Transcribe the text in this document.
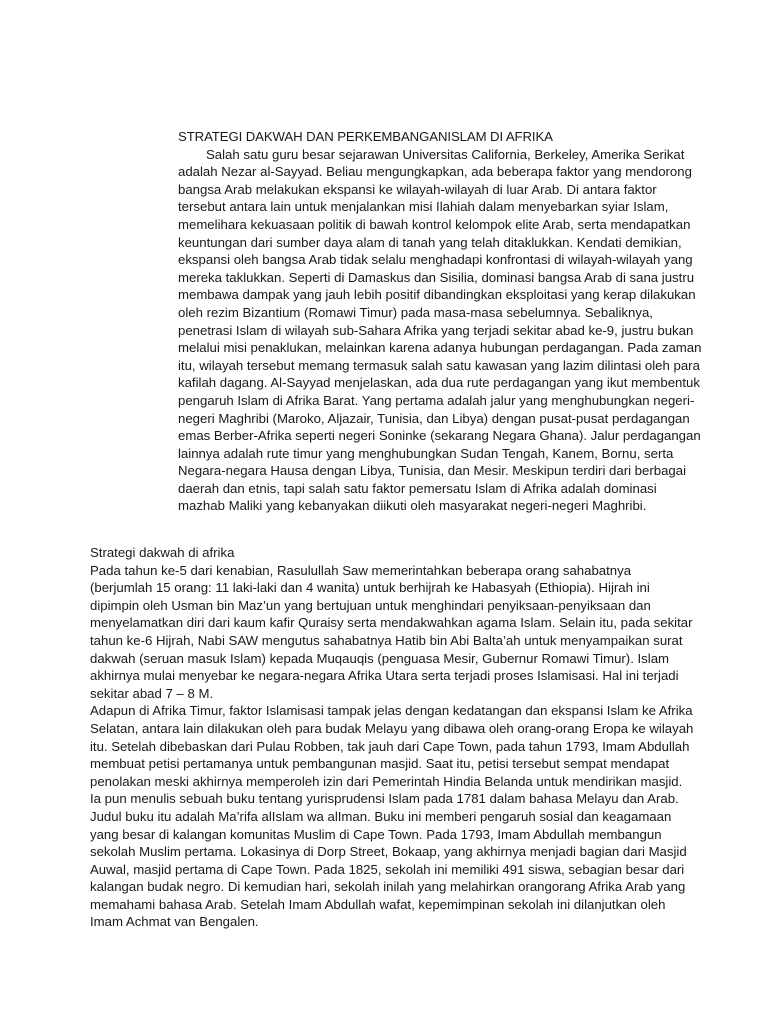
STRATEGI DAKWAH DAN PERKEMBANGANISLAM DI AFRIKA

Salah satu guru besar sejarawan Universitas California, Berkeley, Amerika Serikat adalah Nezar al-Sayyad. Beliau mengungkapkan, ada beberapa faktor yang mendorong bangsa Arab melakukan ekspansi ke wilayah-wilayah di luar Arab. Di antara faktor tersebut antara lain untuk menjalankan misi Ilahiah dalam menyebarkan syiar Islam, memelihara kekuasaan politik di bawah kontrol kelompok elite Arab, serta mendapatkan keuntungan dari sumber daya alam di tanah yang telah ditaklukkan. Kendati demikian, ekspansi oleh bangsa Arab tidak selalu menghadapi konfrontasi di wilayah-wilayah yang mereka taklukkan. Seperti di Damaskus dan Sisilia, dominasi bangsa Arab di sana justru membawa dampak yang jauh lebih positif dibandingkan eksploitasi yang kerap dilakukan oleh rezim Bizantium (Romawi Timur) pada masa-masa sebelumnya. Sebaliknya, penetrasi Islam di wilayah sub-Sahara Afrika yang terjadi sekitar abad ke-9, justru bukan melalui misi penaklukan, melainkan karena adanya hubungan perdagangan. Pada zaman itu, wilayah tersebut memang termasuk salah satu kawasan yang lazim dilintasi oleh para kafilah dagang. Al-Sayyad menjelaskan, ada dua rute perdagangan yang ikut membentuk pengaruh Islam di Afrika Barat. Yang pertama adalah jalur yang menghubungkan negeri-negeri Maghribi (Maroko, Aljazair, Tunisia, dan Libya) dengan pusat-pusat perdagangan emas Berber-Afrika seperti negeri Soninke (sekarang Negara Ghana). Jalur perdagangan lainnya adalah rute timur yang menghubungkan Sudan Tengah, Kanem, Bornu, serta Negara-negara Hausa dengan Libya, Tunisia, dan Mesir. Meskipun terdiri dari berbagai daerah dan etnis, tapi salah satu faktor pemersatu Islam di Afrika adalah dominasi mazhab Maliki yang kebanyakan diikuti oleh masyarakat negeri-negeri Maghribi.

Strategi dakwah di afrika

Pada tahun ke-5 dari kenabian, Rasulullah Saw memerintahkan beberapa orang sahabatnya (berjumlah 15 orang: 11 laki-laki dan 4 wanita) untuk berhijrah ke Habasyah (Ethiopia). Hijrah ini dipimpin oleh Usman bin Maz’un yang bertujuan untuk menghindari penyiksaan-penyiksaan dan menyelamatkan diri dari kaum kafir Quraisy serta mendakwahkan agama Islam. Selain itu, pada sekitar tahun ke-6 Hijrah, Nabi SAW mengutus sahabatnya Hatib bin Abi Balta’ah untuk menyampaikan surat dakwah (seruan masuk Islam) kepada Muqauqis (penguasa Mesir, Gubernur Romawi Timur). Islam akhirnya mulai menyebar ke negara-negara Afrika Utara serta terjadi proses Islamisasi. Hal ini terjadi sekitar abad 7 – 8 M.

Adapun di Afrika Timur, faktor Islamisasi tampak jelas dengan kedatangan dan ekspansi Islam ke Afrika Selatan, antara lain dilakukan oleh para budak Melayu yang dibawa oleh orang-orang Eropa ke wilayah itu. Setelah dibebaskan dari Pulau Robben, tak jauh dari Cape Town, pada tahun 1793, Imam Abdullah membuat petisi pertamanya untuk pembangunan masjid. Saat itu, petisi tersebut sempat mendapat penolakan meski akhirnya memperoleh izin dari Pemerintah Hindia Belanda untuk mendirikan masjid. Ia pun menulis sebuah buku tentang yurisprudensi Islam pada 1781 dalam bahasa Melayu dan Arab. Judul buku itu adalah Ma’rifa alIslam wa alIman. Buku ini memberi pengaruh sosial dan keagamaan yang besar di kalangan komunitas Muslim di Cape Town. Pada 1793, Imam Abdullah membangun sekolah Muslim pertama. Lokasinya di Dorp Street, Bokaap, yang akhirnya menjadi bagian dari Masjid Auwal, masjid pertama di Cape Town. Pada 1825, sekolah ini memiliki 491 siswa, sebagian besar dari kalangan budak negro. Di kemudian hari, sekolah inilah yang melahirkan orangorang Afrika Arab yang memahami bahasa Arab. Setelah Imam Abdullah wafat, kepemimpinan sekolah ini dilanjutkan oleh Imam Achmat van Bengalen.
